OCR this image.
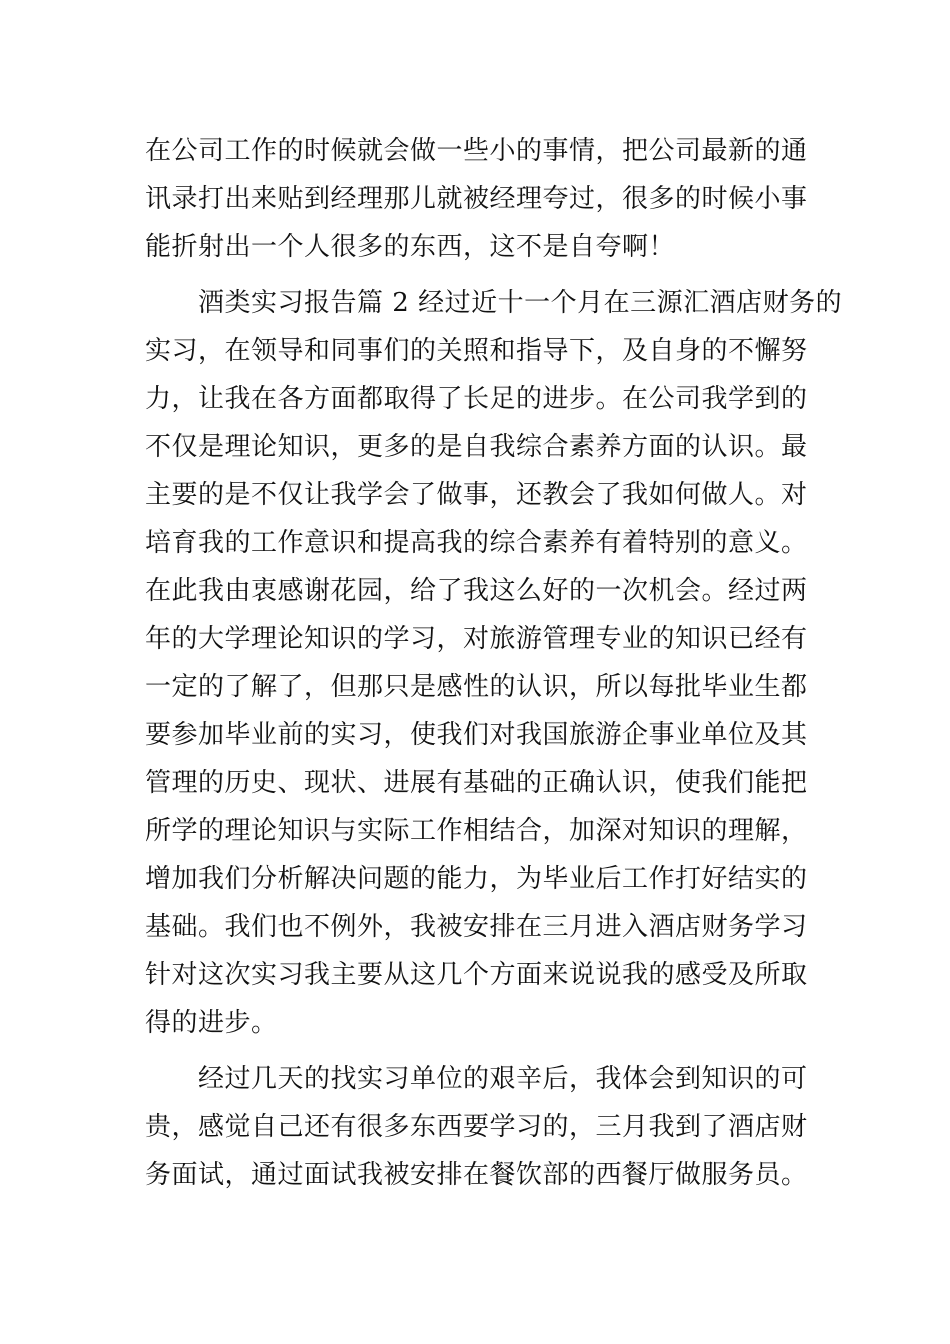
在公司工作的时候就会做一些小的事情，把公司最新的通
讯录打出来贴到经理那儿就被经理夸过，很多的时候小事
能折射出一个人很多的东西，这不是自夸啊！
　　酒类实习报告篇 2 经过近十一个月在三源汇酒店财务的
实习，在领导和同事们的关照和指导下，及自身的不懈努
力，让我在各方面都取得了长足的进步。在公司我学到的
不仅是理论知识，更多的是自我综合素养方面的认识。最
主要的是不仅让我学会了做事，还教会了我如何做人。对
培育我的工作意识和提高我的综合素养有着特别的意义。
在此我由衷感谢花园，给了我这么好的一次机会。经过两
年的大学理论知识的学习，对旅游管理专业的知识已经有
一定的了解了，但那只是感性的认识，所以每批毕业生都
要参加毕业前的实习，使我们对我国旅游企事业单位及其
管理的历史、现状、进展有基础的正确认识，使我们能把
所学的理论知识与实际工作相结合，加深对知识的理解，
增加我们分析解决问题的能力，为毕业后工作打好结实的
基础。我们也不例外，我被安排在三月进入酒店财务学习
针对这次实习我主要从这几个方面来说说我的感受及所取
得的进步。
　　经过几天的找实习单位的艰辛后，我体会到知识的可
贵，感觉自己还有很多东西要学习的，三月我到了酒店财
务面试，通过面试我被安排在餐饮部的西餐厅做服务员。
